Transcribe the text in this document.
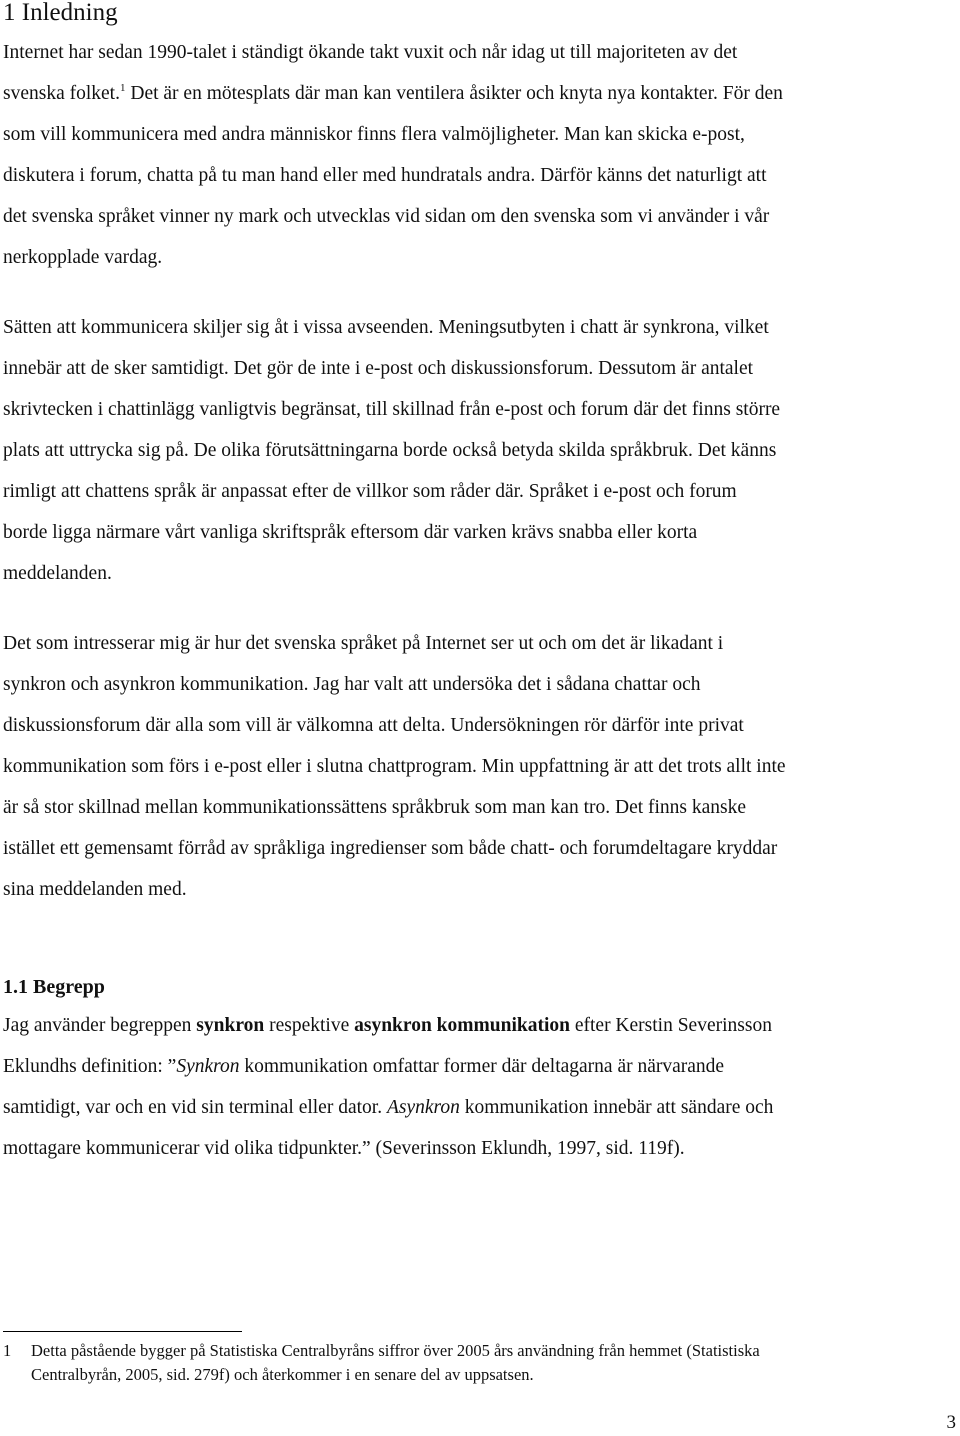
1 Inledning
Internet har sedan 1990-talet i ständigt ökande takt vuxit och når idag ut till majoriteten av det
svenska folket.$^1$ Det är en mötesplats där man kan ventilera åsikter och knyta nya kontakter. För den
som vill kommunicera med andra människor finns flera valmöjligheter. Man kan skicka e-post,
diskutera i forum, chatta på tu man hand eller med hundratals andra. Därför känns det naturligt att
det svenska språket vinner ny mark och utvecklas vid sidan om den svenska som vi använder i vår
nerkopplade vardag.
Sätten att kommunicera skiljer sig åt i vissa avseenden. Meningsutbyten i chatt är synkrona, vilket
innebär att de sker samtidigt. Det gör de inte i e-post och diskussionsforum. Dessutom är antalet
skrivtecken i chattinlägg vanligtvis begränsat, till skillnad från e-post och forum där det finns större
plats att uttrycka sig på. De olika förutsättningarna borde också betyda skilda språkbruk. Det känns
rimligt att chattens språk är anpassat efter de villkor som råder där. Språket i e-post och forum
borde ligga närmare vårt vanliga skriftspråk eftersom där varken krävs snabba eller korta
meddelanden.
Det som intresserar mig är hur det svenska språket på Internet ser ut och om det är likadant i
synkron och asynkron kommunikation. Jag har valt att undersöka det i sådana chattar och
diskussionsforum där alla som vill är välkomna att delta. Undersökningen rör därför inte privat
kommunikation som förs i e-post eller i slutna chattprogram. Min uppfattning är att det trots allt inte
är så stor skillnad mellan kommunikationssättens språkbruk som man kan tro. Det finns kanske
istället ett gemensamt förråd av språkliga ingredienser som både chatt- och forumdeltagare kryddar
sina meddelanden med.
1.1 Begrepp
Jag använder begreppen synkron respektive asynkron kommunikation efter Kerstin Severinsson
Eklundhs definition: ”Synkron kommunikation omfattar former där deltagarna är närvarande
samtidigt, var och en vid sin terminal eller dator. Asynkron kommunikation innebär att sändare och
mottagare kommunicerar vid olika tidpunkter.” (Severinsson Eklundh, 1997, sid. 119f).
1	Detta påstående bygger på Statistiska Centralbyråns siffror över 2005 års användning från hemmet (Statistiska
Centralbyrån, 2005, sid. 279f) och återkommer i en senare del av uppsatsen.
3
